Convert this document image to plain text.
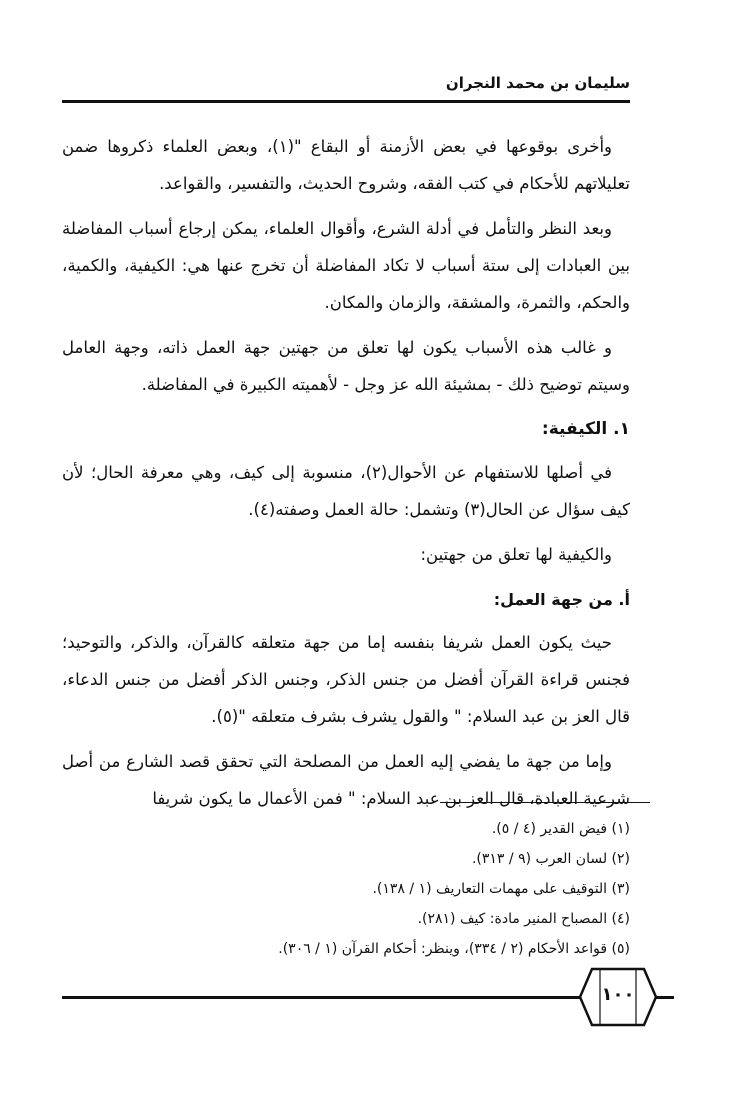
سليمان بن محمد النجران

وأخرى بوقوعها في بعض الأزمنة أو البقاع "(١)، وبعض العلماء ذكروها ضمن تعليلاتهم للأحكام في كتب الفقه، وشروح الحديث، والتفسير، والقواعد.

وبعد النظر والتأمل في أدلة الشرع، وأقوال العلماء، يمكن إرجاع أسباب المفاضلة بين العبادات إلى ستة أسباب لا تكاد المفاضلة أن تخرج عنها هي: الكيفية، والكمية، والحكم، والثمرة، والمشقة، والزمان والمكان.

و غالب هذه الأسباب يكون لها تعلق من جهتين جهة العمل ذاته، وجهة العامل وسيتم توضيح ذلك - بمشيئة الله عز وجل - لأهميته الكبيرة في المفاضلة.

١. الكيفية:

في أصلها للاستفهام عن الأحوال(٢)، منسوبة إلى كيف، وهي معرفة الحال؛ لأن كيف سؤال عن الحال(٣) وتشمل: حالة العمل وصفته(٤).

والكيفية لها تعلق من جهتين:

أ. من جهة العمل:

حيث يكون العمل شريفا بنفسه إما من جهة متعلقه كالقرآن، والذكر، والتوحيد؛ فجنس قراءة القرآن أفضل من جنس الذكر، وجنس الذكر أفضل من جنس الدعاء، قال العز بن عبد السلام: " والقول يشرف بشرف متعلقه "(٥).

وإما من جهة ما يفضي إليه العمل من المصلحة التي تحقق قصد الشارع من أصل شرعية العبادة، قال العز بن عبد السلام: " فمن الأعمال ما يكون شريفا

(١) فيض القدير (٤ / ٥).
(٢) لسان العرب (٩ / ٣١٣).
(٣) التوقيف على مهمات التعاريف (١ / ١٣٨).
(٤) المصباح المنير مادة: كيف (٢٨١).
(٥) قواعد الأحكام (٢ / ٣٣٤)، وينظر: أحكام القرآن (١ / ٣٠٦).
١٠٠
